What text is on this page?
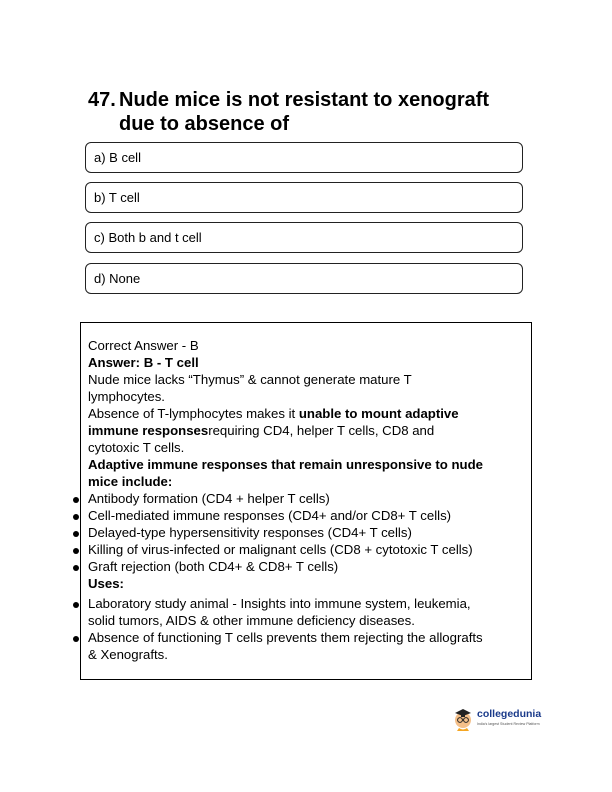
47. Nude mice is not resistant to xenograft
due to absence of
a) B cell
b) T cell
c) Both b and t cell
d) None
Correct Answer - B
Answer: B - T cell
Nude mice lacks “Thymus” & cannot generate mature T
lymphocytes.
Absence of T-lymphocytes makes it unable to mount adaptive
immune responsesrequiring CD4, helper T cells, CD8 and
cytotoxic T cells.
Adaptive immune responses that remain unresponsive to nude
mice include:
Antibody formation (CD4 + helper T cells)
Cell-mediated immune responses (CD4+ and/or CD8+ T cells)
Delayed-type hypersensitivity responses (CD4+ T cells)
Killing of virus-infected or malignant cells (CD8 + cytotoxic T cells)
Graft rejection (both CD4+ & CD8+ T cells)
Uses:
Laboratory study animal - Insights into immune system, leukemia,
solid tumors, AIDS & other immune deficiency diseases.
Absence of functioning T cells prevents them rejecting the allografts
& Xenografts.
collegedunia
India's largest Student Review Platform
